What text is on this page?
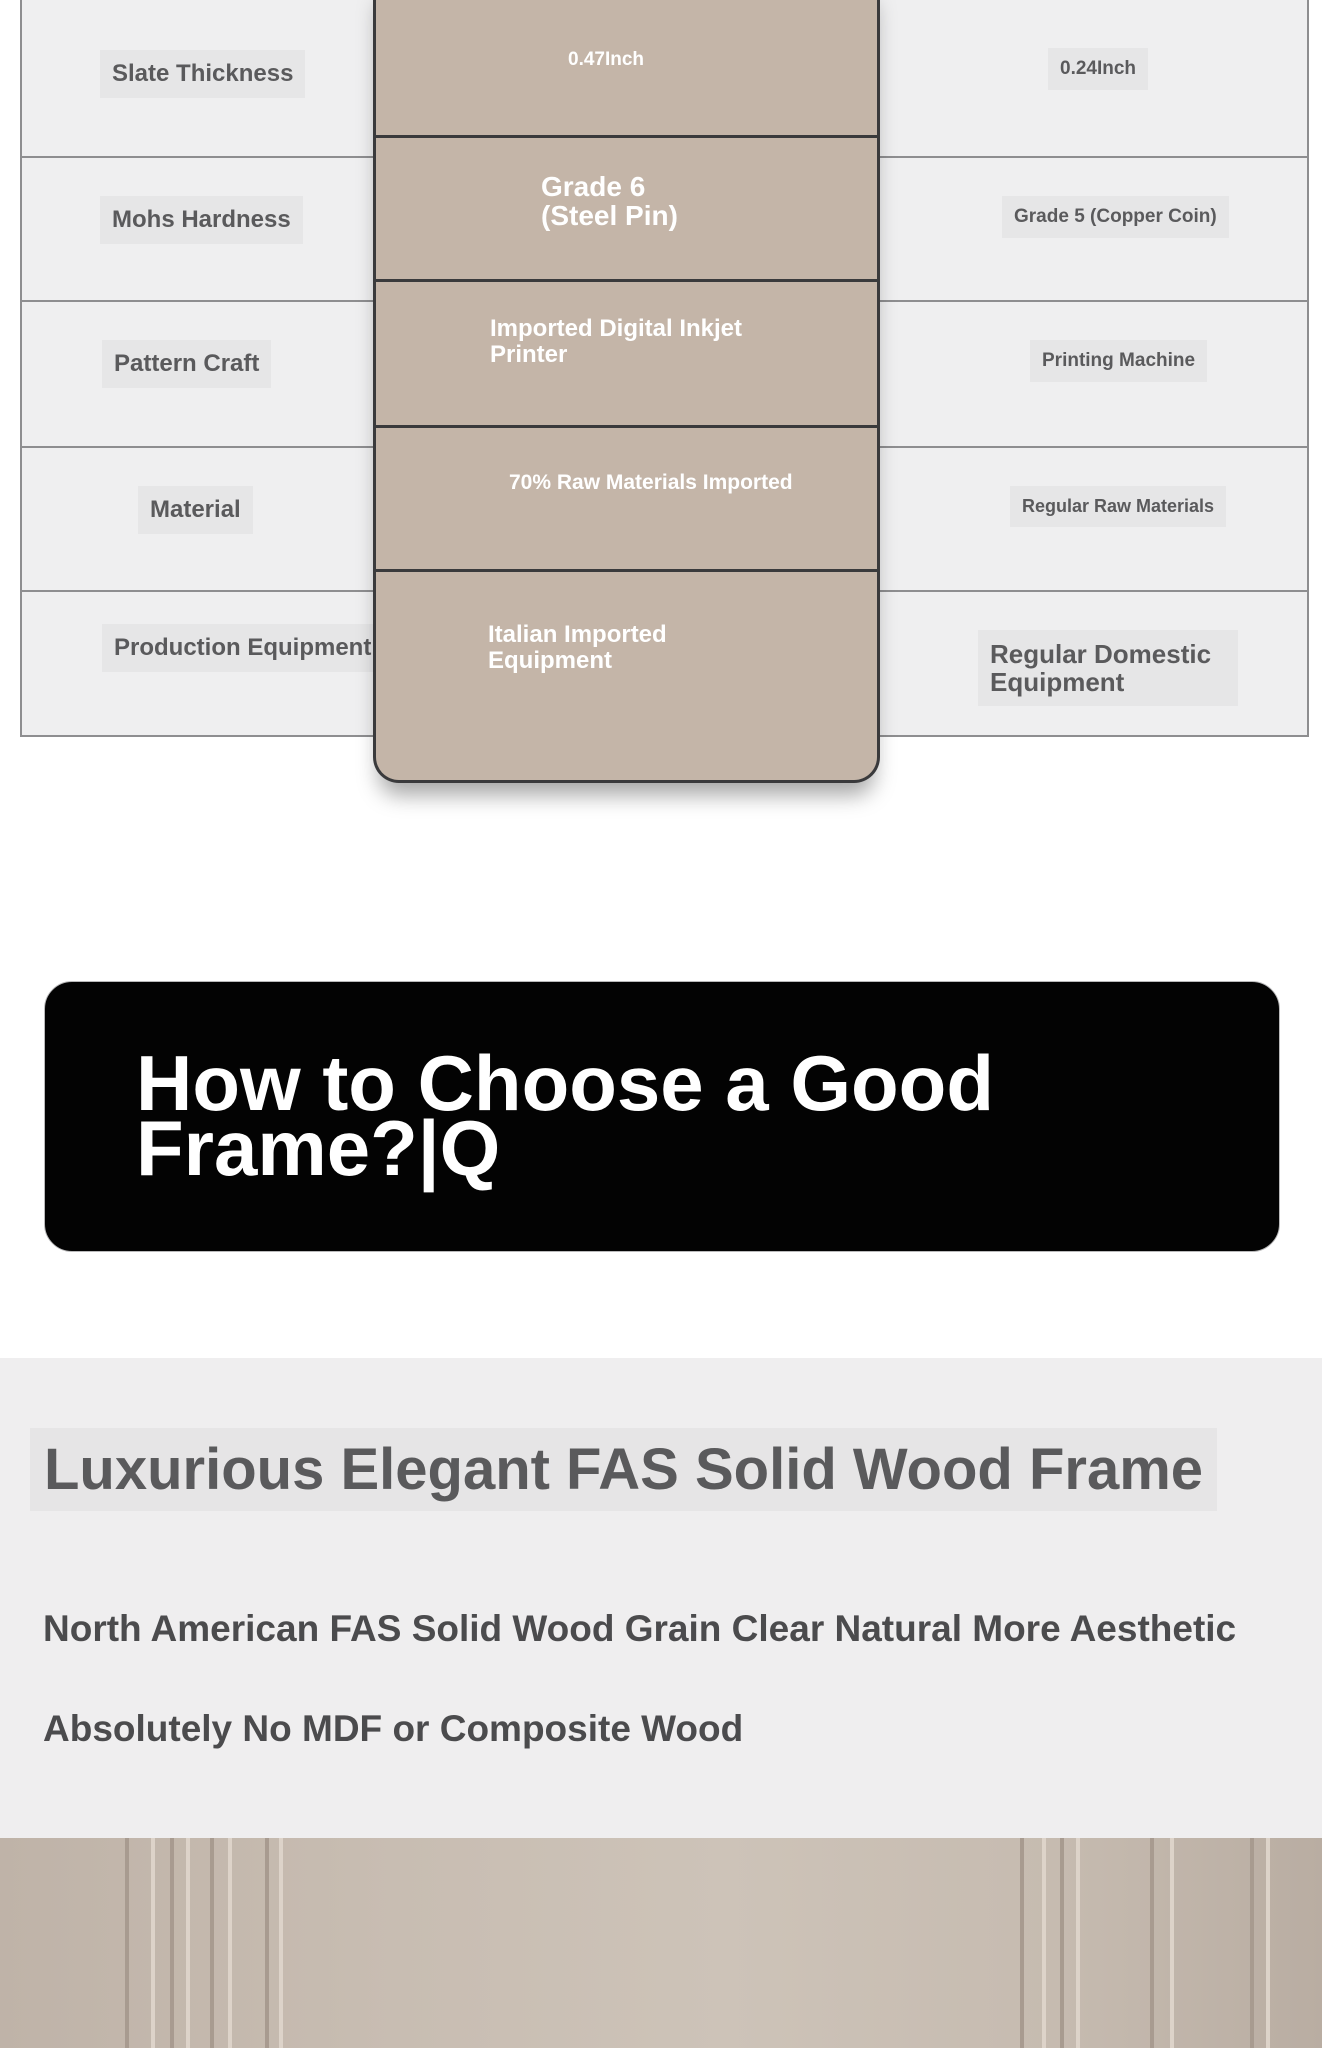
Slate Thickness
Mohs Hardness
Pattern Craft
Material
Production Equipment
0.24Inch
Grade 5 (Copper Coin)
Printing Machine
Regular Raw Materials
Regular Domestic
Equipment
0.47Inch
Grade 6
(Steel Pin)
Imported Digital Inkjet
Printer
70% Raw Materials Imported
Italian Imported
Equipment
How to Choose a Good
Frame?|Q
Luxurious Elegant FAS Solid Wood Frame

North American FAS Solid Wood Grain Clear Natural More Aesthetic

Absolutely No MDF or Composite Wood
